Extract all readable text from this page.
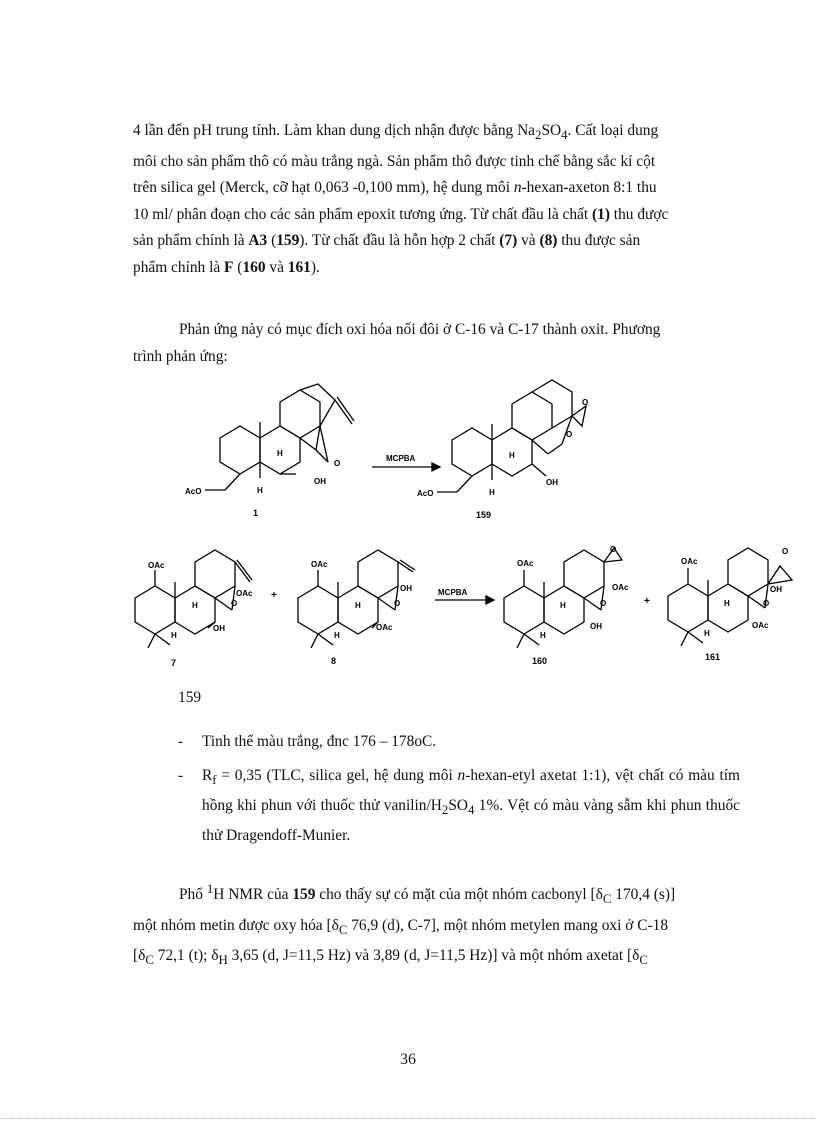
4 lần đến pH trung tính. Làm khan dung dịch nhận được bằng $Na_2SO_4$. Cất loại dung
môi cho sản phẩm thô có màu trắng ngà. Sản phẩm thô được tinh chế bằng sắc kí cột
trên silica gel (Merck, cỡ hạt 0,063 -0,100 mm), hệ dung môi n-hexan-axeton 8:1 thu
10 ml/ phân đoạn cho các sản phẩm epoxit tương ứng. Từ chất đầu là chất (1) thu được
sản phẩm chính là A3 (159). Từ chất đầu là hỗn hợp 2 chất (7) và (8) thu được sản
phẩm chính là F (160 và 161).
Phản ứng này có mục đích oxi hóa nối đôi ở C-16 và C-17 thành oxit. Phương
trình phản ứng:
MCPBA
MCPBA
AcO
O
OH
H
H
1
AcO
O
O
OH
H
H
159
OAc
OAc
O
OH
H
H
7
+
OAc
OH
O
OAc
H
H
8
OAc
O
OAc
O
OH
H
H
160
+
OAc
O
OH
O
OAc
H
H
161
159
- Tinh thể màu trắng, đnc 176 – 178oC.
- $R_f = 0,35$ (TLC, silica gel, hệ dung môi n-hexan-etyl axetat 1:1), vệt chất có màu tím hồng khi phun với thuốc thử vanilin/$H_2SO_4$ 1%. Vệt có màu vàng sẫm khi phun thuốc thử Dragendoff-Munier.
Phổ $^1$H NMR của 159 cho thấy sự có mặt của một nhóm cacbonyl [$\delta_C$ 170,4 (s)]
một nhóm metin được oxy hóa [$\delta_C$ 76,9 (d), C-7], một nhóm metylen mang oxi ở C-18
[$\delta_C$ 72,1 (t); $\delta_H$ 3,65 (d, J=11,5 Hz) và 3,89 (d, J=11,5 Hz)] và một nhóm axetat [$\delta_C$
36
